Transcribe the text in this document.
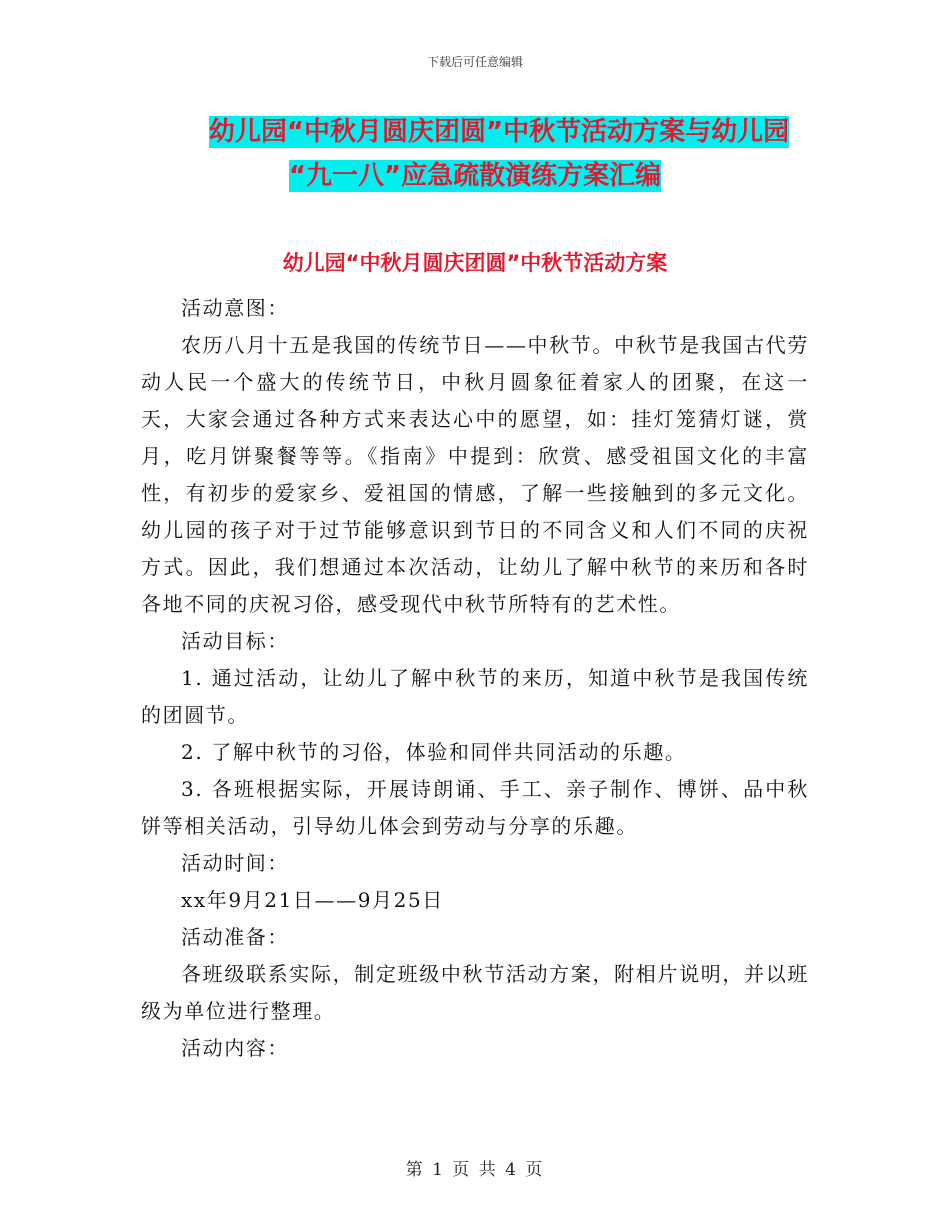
下载后可任意编辑
幼儿园“中秋月圆庆团圆”中秋节活动方案与幼儿园
“九一八”应急疏散演练方案汇编
幼儿园“中秋月圆庆团圆”中秋节活动方案

活动意图：

农历八月十五是我国的传统节日——中秋节。中秋节是我国古代劳动人民一个盛大的传统节日，中秋月圆象征着家人的团聚，在这一天，大家会通过各种方式来表达心中的愿望，如：挂灯笼猜灯谜，赏月，吃月饼聚餐等等。《指南》中提到：欣赏、感受祖国文化的丰富性，有初步的爱家乡、爱祖国的情感，了解一些接触到的多元文化。幼儿园的孩子对于过节能够意识到节日的不同含义和人们不同的庆祝方式。因此，我们想通过本次活动，让幼儿了解中秋节的来历和各时各地不同的庆祝习俗，感受现代中秋节所特有的艺术性。

活动目标：

1. 通过活动，让幼儿了解中秋节的来历，知道中秋节是我国传统的团圆节。

2. 了解中秋节的习俗，体验和同伴共同活动的乐趣。

3. 各班根据实际，开展诗朗诵、手工、亲子制作、博饼、品中秋饼等相关活动，引导幼儿体会到劳动与分享的乐趣。

活动时间：

xx年9月21日——9月25日

活动准备：

各班级联系实际，制定班级中秋节活动方案，附相片说明，并以班级为单位进行整理。

活动内容：

第 1 页 共 4 页
